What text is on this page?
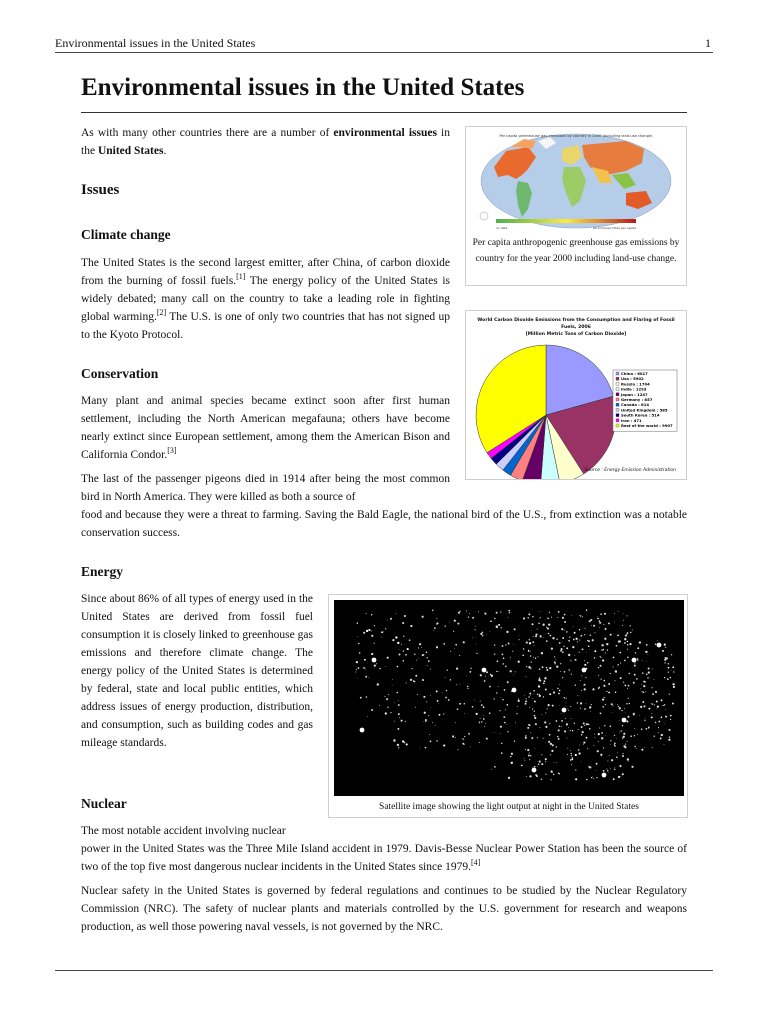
Environmental issues in the United States	1
Environmental issues in the United States

As with many other countries there are a number of environmental issues in the United States.

Issues
Climate change

The United States is the second largest emitter, after China, of carbon dioxide from the burning of fossil fuels.[1] The energy policy of the United States is widely debated; many call on the country to take a leading role in fighting global warming.[2] The U.S. is one of only two countries that has not signed up to the Kyoto Protocol.

Conservation

Many plant and animal species became extinct soon after first human settlement, including the North American megafauna; others have become nearly extinct since European settlement, among them the American Bison and California Condor.[3]

The last of the passenger pigeons died in 1914 after being the most common bird in North America. They were killed as both a source of

food and because they were a threat to farming. Saving the Bald Eagle, the national bird of the U.S., from extinction was a notable conservation success.

Energy

Since about 86% of all types of energy used in the United States are derived from fossil fuel consumption it is closely linked to greenhouse gas emissions and therefore climate change. The energy policy of the United States is determined by federal, state and local public entities, which address issues of energy production, distribution, and consumption, such as building codes and gas mileage standards.

Nuclear

The most notable accident involving nuclear

power in the United States was the Three Mile Island accident in 1979. Davis-Besse Nuclear Power Station has been the source of two of the top five most dangerous nuclear incidents in the United States since 1979.[4]

Nuclear safety in the United States is governed by federal regulations and continues to be studied by the Nuclear Regulatory Commission (NRC). The safety of nuclear plants and materials controlled by the U.S. government for research and weapons production, as well those powering naval vessels, is not governed by the NRC.

Per capita greenhouse gas emissions by country in 2000 (including land-use change)
no data	44.9 tonnes CO2e per capita
Per capita anthropogenic greenhouse gas emissions by country for the year 2000 including land-use change.
World Carbon Dioxide Emissions from the Consumption and Flaring of Fossil Fuels, 2006
[Million Metric Tons of Carbon Dioxide]
China : 6017
Usa : 5902
Russia : 1704
India : 1293
Japan : 1247
Germany : 857
Canada : 614
United Kingdom : 585
South Korea : 514
Iran : 471
Rest of the world : 9907
Source : Energy Emission Administration
Satellite image showing the light output at night in the United States
